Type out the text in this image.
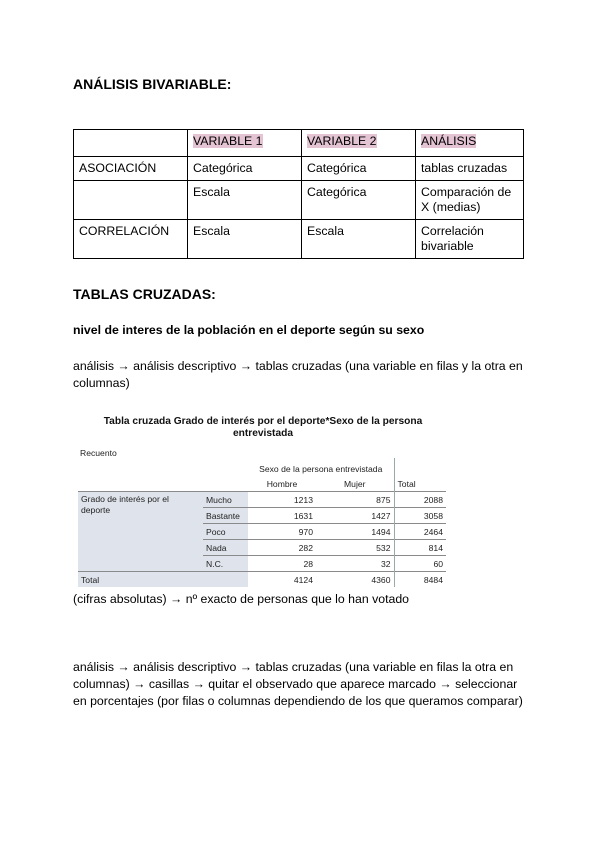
ANÁLISIS BIVARIABLE:
	VARIABLE 1	VARIABLE 2	ANÁLISIS
ASOCIACIÓN	Categórica	Categórica	tablas cruzadas
	Escala	Categórica	Comparación de X (medias)
CORRELACIÓN	Escala	Escala	Correlación bivariable
TABLAS CRUZADAS:
nivel de interes de la población en el deporte según su sexo
análisis → análisis descriptivo → tablas cruzadas (una variable en filas y la otra en columnas)
Tabla cruzada Grado de interés por el deporte*Sexo de la persona entrevistada
Recuento
		Sexo de la persona entrevistada		
		Hombre	Mujer	Total
Grado de interés por el deporte	Mucho	1213	875	2088
	Bastante	1631	1427	3058
	Poco	970	1494	2464
	Nada	282	532	814
	N.C.	28	32	60
Total		4124	4360	8484
(cifras absolutas) → nº exacto de personas que lo han votado
análisis → análisis descriptivo → tablas cruzadas (una variable en filas la otra en columnas) → casillas → quitar el observado que aparece marcado → seleccionar en porcentajes (por filas o columnas dependiendo de los que queramos comparar)
